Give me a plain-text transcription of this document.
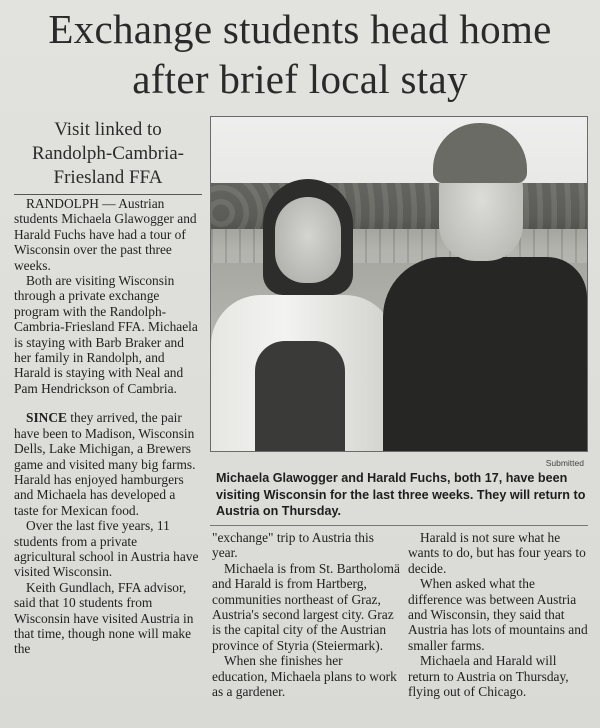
Exchange students head home
after brief local stay
Visit linked to
Randolph-Cambria-
Friesland FFA

RANDOLPH — Austrian students Michaela Glawogger and Harald Fuchs have had a tour of Wisconsin over the past three weeks.

Both are visiting Wisconsin through a private exchange program with the Randolph-Cambria-Friesland FFA. Michaela is staying with Barb Braker and her family in Randolph, and Harald is staying with Neal and Pam Hendrickson of Cambria.

SINCE they arrived, the pair have been to Madison, Wisconsin Dells, Lake Michigan, a Brewers game and visited many big farms. Harald has enjoyed hamburgers and Michaela has developed a taste for Mexican food.

Over the last five years, 11 students from a private agricultural school in Austria have visited Wisconsin.

Keith Gundlach, FFA advisor, said that 10 students from Wisconsin have visited Austria in that time, though none will make the

Submitted
Michaela Glawogger and Harald Fuchs, both 17, have been visiting Wisconsin for the last three weeks. They will return to Austria on Thursday.

"exchange" trip to Austria this year.

Michaela is from St. Bartholomä and Harald is from Hartberg, communities northeast of Graz, Austria's second largest city. Graz is the capital city of the Austrian province of Styria (Steiermark).

When she finishes her education, Michaela plans to work as a gardener.

Harald is not sure what he wants to do, but has four years to decide.

When asked what the difference was between Austria and Wisconsin, they said that Austria has lots of mountains and smaller farms.

Michaela and Harald will return to Austria on Thursday, flying out of Chicago.
